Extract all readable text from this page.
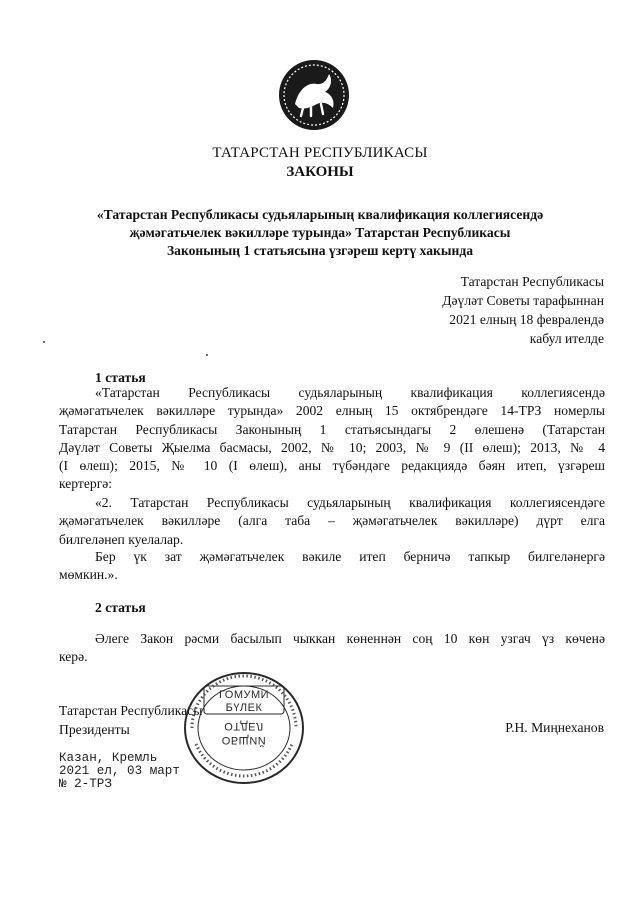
ТАТАРСТАН РЕСПУБЛИКАСЫ
ЗАКОНЫ
«Татарстан Республикасы судьяларының квалификация коллегиясендә
җәмәгатьчелек вәкилләре турында» Татарстан Республикасы
Законының 1 статьясына үзгәреш кертү хакында
Татарстан Республикасы
Дәүләт Советы тарафыннан
2021 елның 18 февралендә
кабул ителде
1 статья
«Татарстан Республикасы судьяларының квалификация коллегиясендә
җәмәгатьчелек вәкилләре турында» 2002 елның 15 октябрендәге 14-ТРЗ номерлы
Татарстан Республикасы Законының 1 статьясындагы 2 өлешенә (Татарстан
Дәүләт Советы Җыелма басмасы, 2002, № 10; 2003, № 9 (II өлеш); 2013, № 4
(I өлеш); 2015, № 10 (I өлеш), аны түбәндәге редакциядә бәян итеп, үзгәреш
кертергә:
«2. Татарстан Республикасы судьяларының квалификация коллегиясендәге
җәмәгатьчелек вәкилләре (алга таба – җәмәгатьчелек вәкилләре) дүрт елга
билгеләнеп куелалар.
Бер үк зат җәмәгатьчелек вәкиле итеп берничә тапкыр билгеләнергә
мөмкин.».
2 статья
Әлеге Закон рәсми басылып чыккан көненнән соң 10 көн узгач үз көченә
керә.
ГОМУМИ
БҮЛЕК
ОТДЕЛ
ОБЩИЙ
Татарстан Республикасы
Президенты	Р.Н. Миңнеханов
Казан, Кремль
2021 ел, 03 март
№ 2-ТРЗ
